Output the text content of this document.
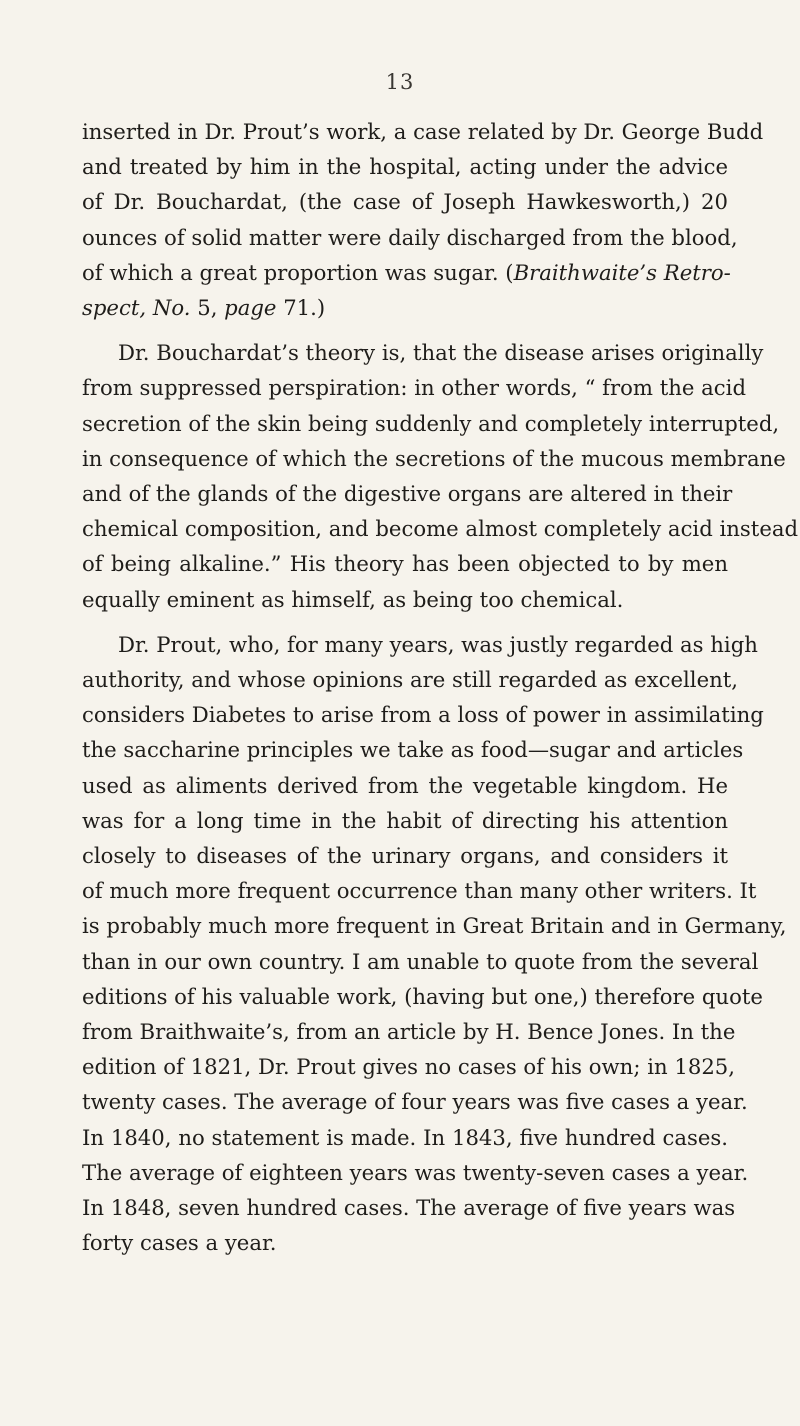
13
inserted in Dr. Prout’s work, a case related by Dr. George Budd
and treated by him in the hospital, acting under the advice
of Dr. Bouchardat, (the case of Joseph Hawkesworth,) 20
ounces of solid matter were daily discharged from the blood,
of which a great proportion was sugar. (Braithwaite’s Retro-
spect, No. 5, page 71.)
Dr. Bouchardat’s theory is, that the disease arises originally
from suppressed perspiration: in other words, “ from the acid
secretion of the skin being suddenly and completely interrupted,
in consequence of which the secretions of the mucous membrane
and of the glands of the digestive organs are altered in their
chemical composition, and become almost completely acid instead
of being alkaline.” His theory has been objected to by men
equally eminent as himself, as being too chemical.
Dr. Prout, who, for many years, was justly regarded as high
authority, and whose opinions are still regarded as excellent,
considers Diabetes to arise from a loss of power in assimilating
the saccharine principles we take as food—sugar and articles
used as aliments derived from the vegetable kingdom. He
was for a long time in the habit of directing his attention
closely to diseases of the urinary organs, and considers it
of much more frequent occurrence than many other writers. It
is probably much more frequent in Great Britain and in Germany,
than in our own country. I am unable to quote from the several
editions of his valuable work, (having but one,) therefore quote
from Braithwaite’s, from an article by H. Bence Jones. In the
edition of 1821, Dr. Prout gives no cases of his own; in 1825,
twenty cases. The average of four years was five cases a year.
In 1840, no statement is made. In 1843, five hundred cases.
The average of eighteen years was twenty-seven cases a year.
In 1848, seven hundred cases. The average of five years was
forty cases a year.
